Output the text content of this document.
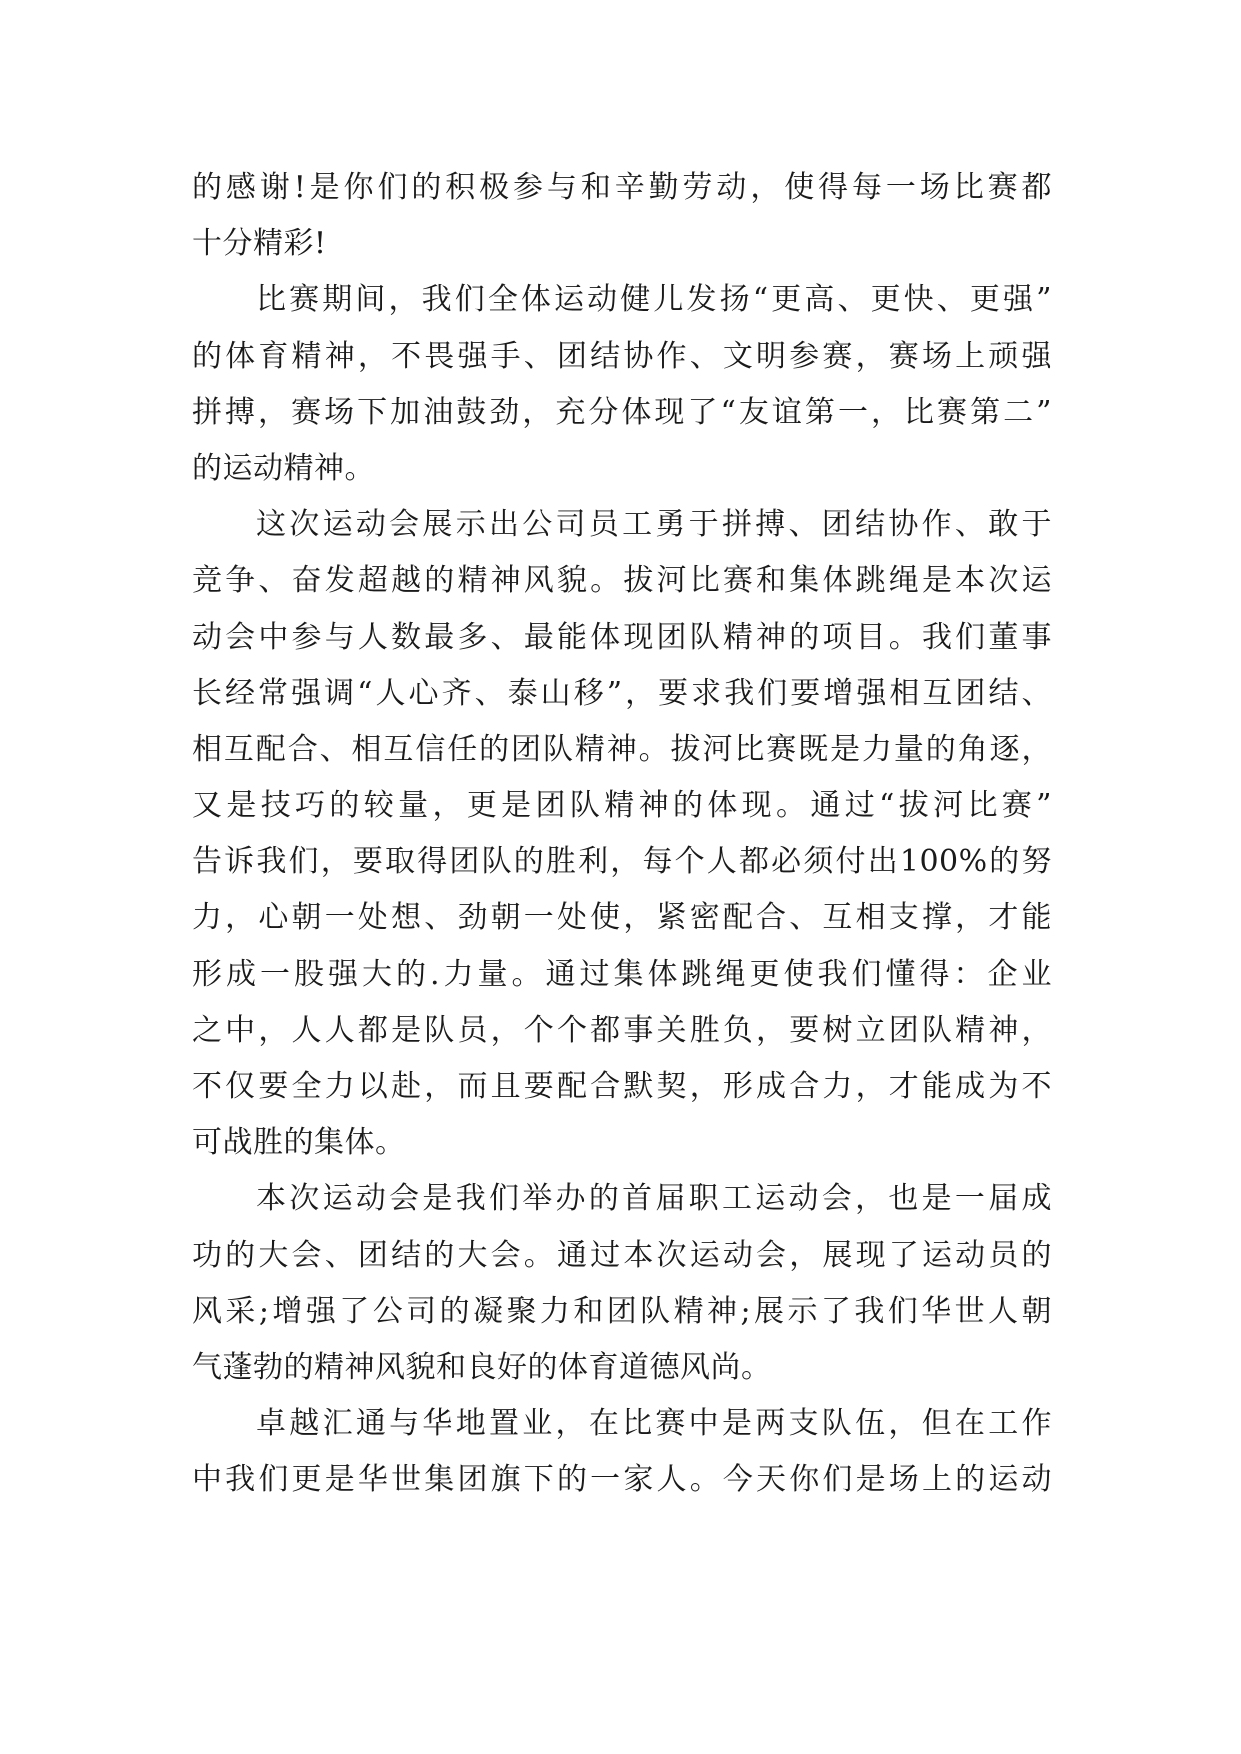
的感谢!是你们的积极参与和辛勤劳动，使得每一场比赛都
十分精彩!
比赛期间，我们全体运动健儿发扬“更高、更快、更强”
的体育精神，不畏强手、团结协作、文明参赛，赛场上顽强
拼搏，赛场下加油鼓劲，充分体现了“友谊第一，比赛第二”
的运动精神。
这次运动会展示出公司员工勇于拼搏、团结协作、敢于
竞争、奋发超越的精神风貌。拔河比赛和集体跳绳是本次运
动会中参与人数最多、最能体现团队精神的项目。我们董事
长经常强调“人心齐、泰山移”，要求我们要增强相互团结、
相互配合、相互信任的团队精神。拔河比赛既是力量的角逐，
又是技巧的较量，更是团队精神的体现。通过“拔河比赛”
告诉我们，要取得团队的胜利，每个人都必须付出100%的努
力，心朝一处想、劲朝一处使，紧密配合、互相支撑，才能
形成一股强大的.力量。通过集体跳绳更使我们懂得：企业
之中，人人都是队员，个个都事关胜负，要树立团队精神，
不仅要全力以赴，而且要配合默契，形成合力，才能成为不
可战胜的集体。
本次运动会是我们举办的首届职工运动会，也是一届成
功的大会、团结的大会。通过本次运动会，展现了运动员的
风采;增强了公司的凝聚力和团队精神;展示了我们华世人朝
气蓬勃的精神风貌和良好的体育道德风尚。
卓越汇通与华地置业，在比赛中是两支队伍，但在工作
中我们更是华世集团旗下的一家人。今天你们是场上的运动
